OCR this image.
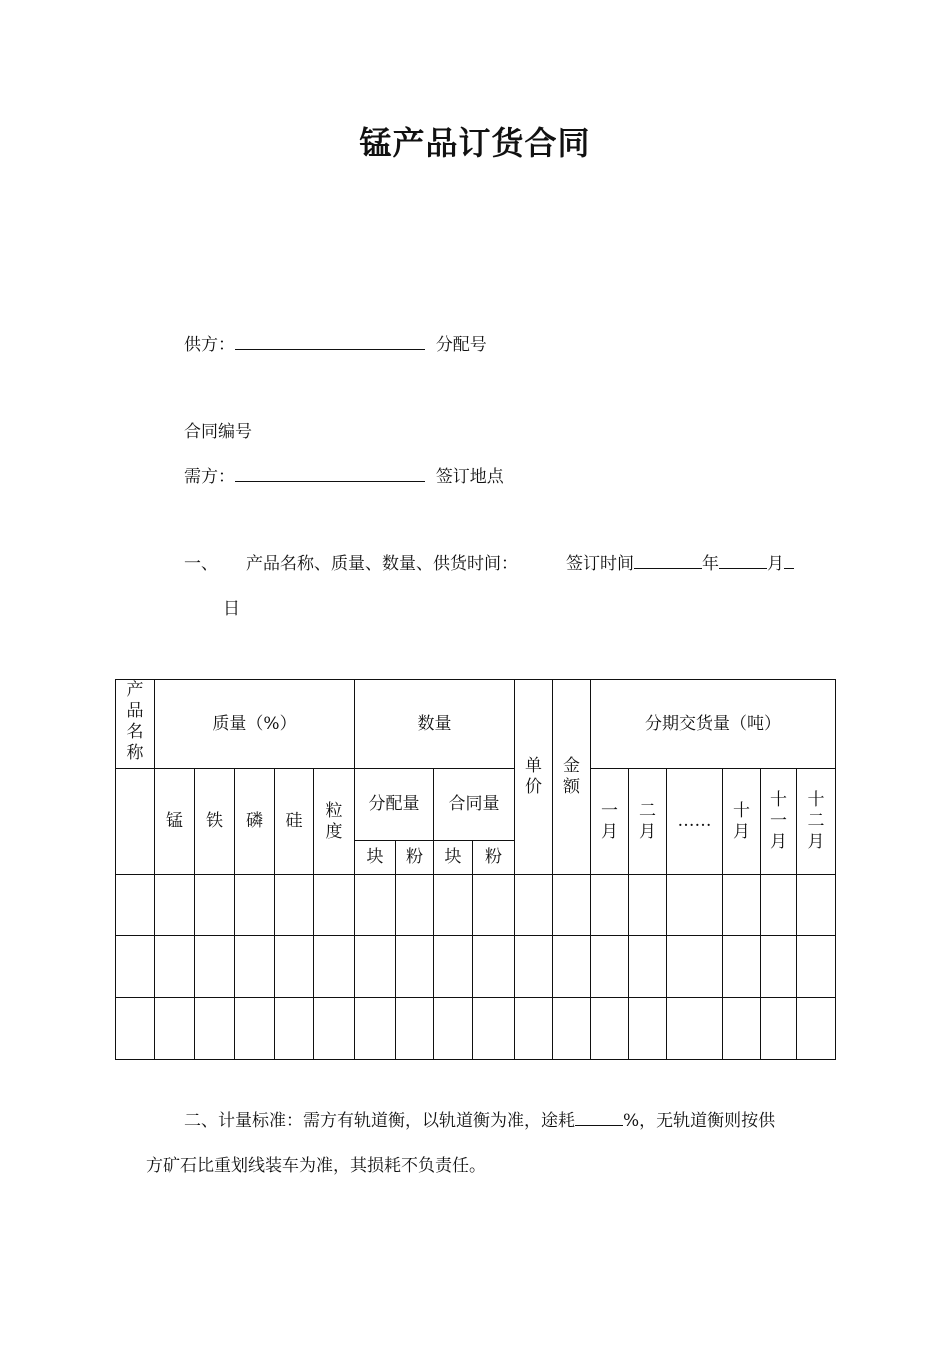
锰产品订货合同
供方：	分配号
合同编号
需方：	签订地点
一、 产品名称、质量、数量、供货时间：	签订时间	年	月
日
产品名称	质量（%）					数量				单价	金额	分期交货量（吨）					
	锰	铁	磷	硅	粒度	分配量		合同量				一月	二月	……	十月	十一月	十二月
						块	粉	块	粉								

二、计量标准：需方有轨道衡，以轨道衡为准，途耗	%，无轨道衡则按供
方矿石比重划线装车为准，其损耗不负责任。
